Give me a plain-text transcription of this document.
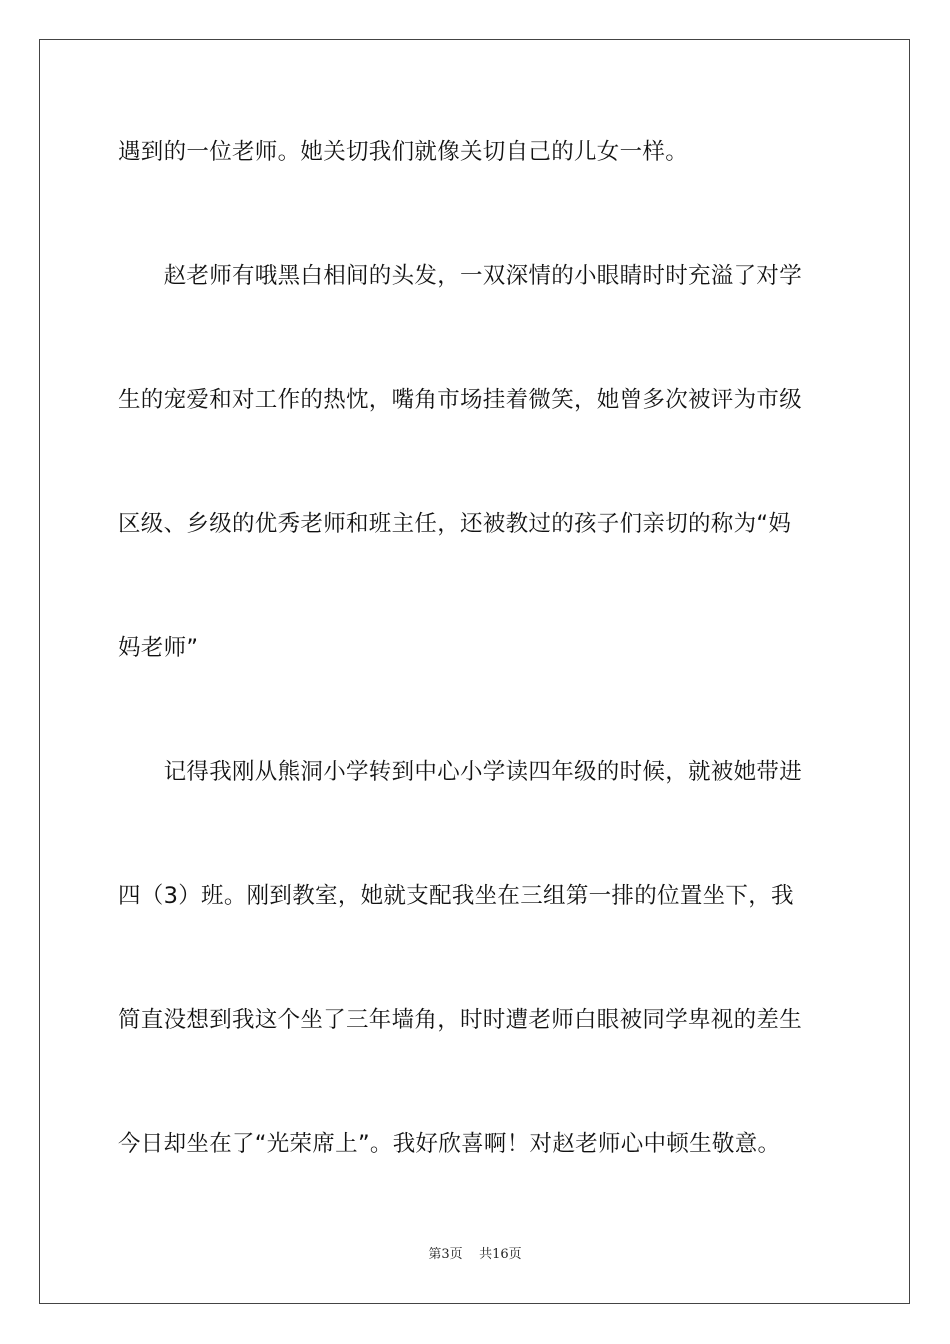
遇到的一位老师。她关切我们就像关切自己的儿女一样。
　　赵老师有哦黑白相间的头发，一双深情的小眼睛时时充溢了对学
生的宠爱和对工作的热忱，嘴角市场挂着微笑，她曾多次被评为市级
区级、乡级的优秀老师和班主任，还被教过的孩子们亲切的称为“妈
妈老师”
　　记得我刚从熊洞小学转到中心小学读四年级的时候，就被她带进
四（3）班。刚到教室，她就支配我坐在三组第一排的位置坐下，我
简直没想到我这个坐了三年墙角，时时遭老师白眼被同学卑视的差生
今日却坐在了“光荣席上”。我好欣喜啊！对赵老师心中顿生敬意。
第3页 共16页
